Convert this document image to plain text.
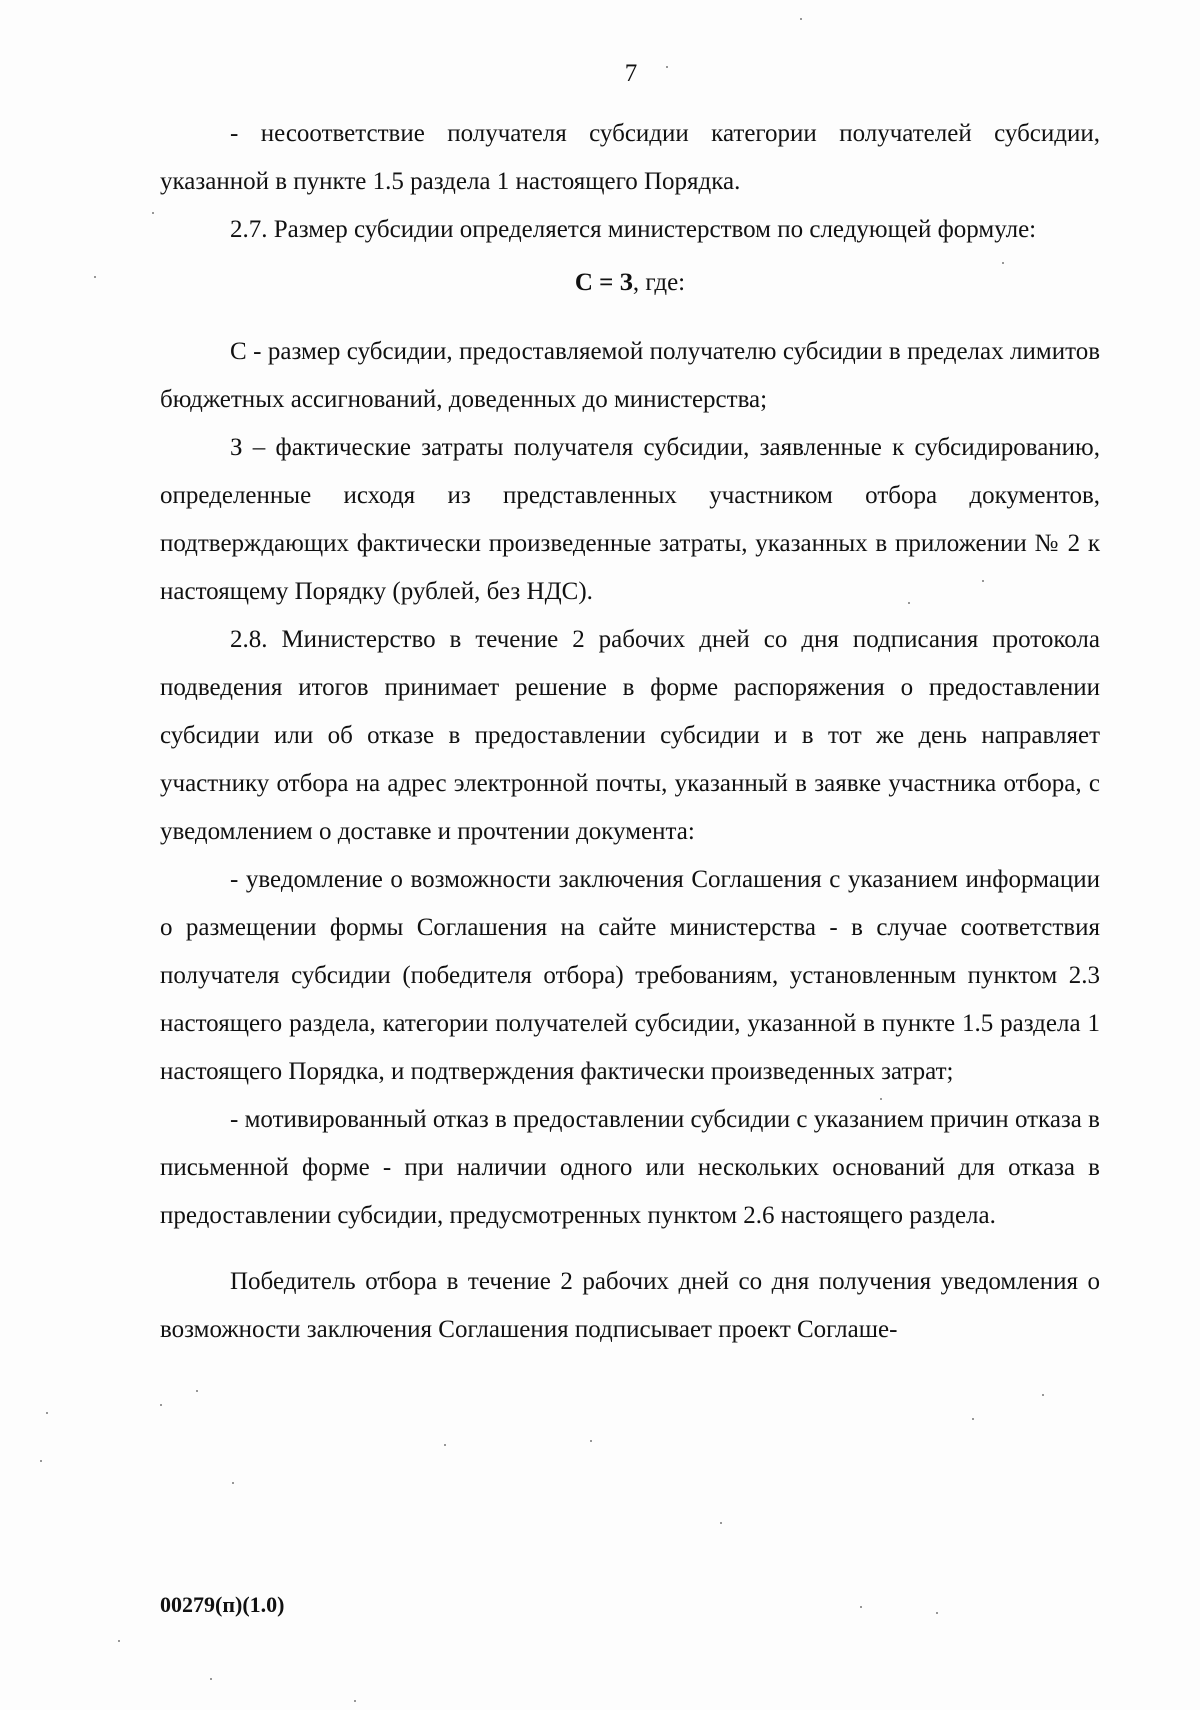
7

- несоответствие получателя субсидии категории получателей субсидии, указанной в пункте 1.5 раздела 1 настоящего Порядка.

2.7. Размер субсидии определяется министерством по следующей формуле:

С = З, где:

С - размер субсидии, предоставляемой получателю субсидии в пределах лимитов бюджетных ассигнований, доведенных до министерства;

З – фактические затраты получателя субсидии, заявленные к субсидированию, определенные исходя из представленных участником отбора документов, подтверждающих фактически произведенные затраты, указанных в приложении № 2 к настоящему Порядку (рублей, без НДС).

2.8. Министерство в течение 2 рабочих дней со дня подписания протокола подведения итогов принимает решение в форме распоряжения о предоставлении субсидии или об отказе в предоставлении субсидии и в тот же день направляет участнику отбора на адрес электронной почты, указанный в заявке участника отбора, с уведомлением о доставке и прочтении документа:

- уведомление о возможности заключения Соглашения с указанием информации о размещении формы Соглашения на сайте министерства - в случае соответствия получателя субсидии (победителя отбора) требованиям, установленным пунктом 2.3 настоящего раздела, категории получателей субсидии, указанной в пункте 1.5 раздела 1 настоящего Порядка, и подтверждения фактически произведенных затрат;

- мотивированный отказ в предоставлении субсидии с указанием причин отказа в письменной форме - при наличии одного или нескольких оснований для отказа в предоставлении субсидии, предусмотренных пунктом 2.6 настоящего раздела.

Победитель отбора в течение 2 рабочих дней со дня получения уведомления о возможности заключения Соглашения подписывает проект Соглаше-

00279(п)(1.0)
